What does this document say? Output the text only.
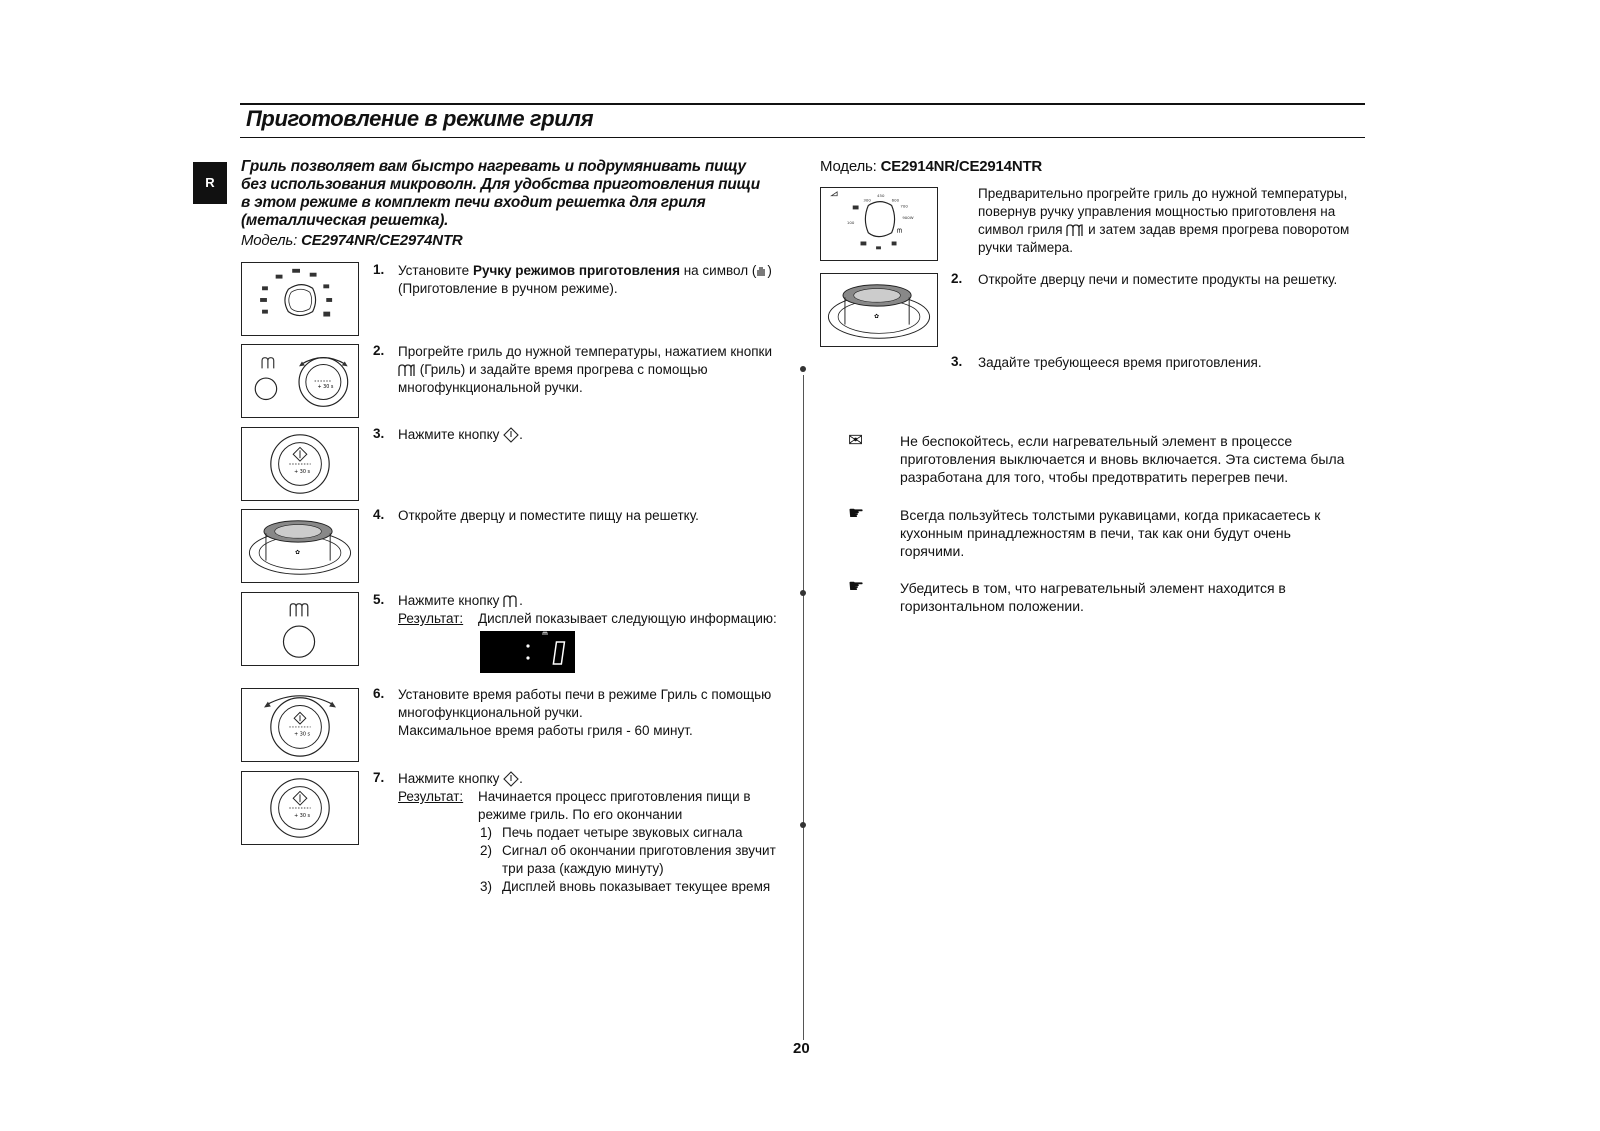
Приготовление в режиме гриля
R
Гриль позволяет вам быстро нагревать и подрумянивать пищу без использования микроволн. Для удобства приготовления пищи в этом режиме в комплект печи входит решетка для гриля (металлическая решетка).
Модель: CE2974NR/CE2974NTR
+ 30 s
+ 30 s
✿
+ 30 s
+ 30 s
1. Установите Ручку режимов приготовления на символ ( )
(Приготовление в ручном режиме).
2. Прогрейте гриль до нужной температуры, нажатием кнопки
(Гриль) и задайте время прогрева с помощью
многофункциональной ручки.
3. Нажмите кнопку .
4. Откройте дверцу и поместите пищу на решетку.
5. Нажмите кнопку .
Результат: Дисплей показывает следующую информацию:
6. Установите время работы печи в режиме Гриль с помощью
многофункциональной ручки.
Максимальное время работы гриля - 60 минут.
7. Нажмите кнопку .
Результат: Начинается процесс приготовления пищи в
режиме гриль. По его окончании
1) Печь подает четыре звуковых сигнала
2) Сигнал об окончании приготовления звучит
три раза (каждую минуту)
3) Дисплей вновь показывает текущее время
Модель: CE2914NR/CE2914NTR
300
450
600
700
100
900W
✿
Предварительно прогрейте гриль до нужной температуры,
повернув ручку управления мощностью приготовленя на
символ гриля  и затем задав время прогрева поворотом
ручки таймера.
2. Откройте дверцу печи и поместите продукты на решетку.
3. Задайте требующееся время приготовления.
✉	Не беспокойтесь, если нагревательный элемент в процессе
приготовления выключается и вновь включается. Эта система была
разработана для того, чтобы предотвратить перегрев печи.
☛	Всегда пользуйтесь толстыми рукавицами, когда прикасаетесь к
кухонным принадлежностям в печи, так как они будут очень
горячими.
☛	Убедитесь в том, что нагревательный элемент находится в
горизонтальном положении.
20
